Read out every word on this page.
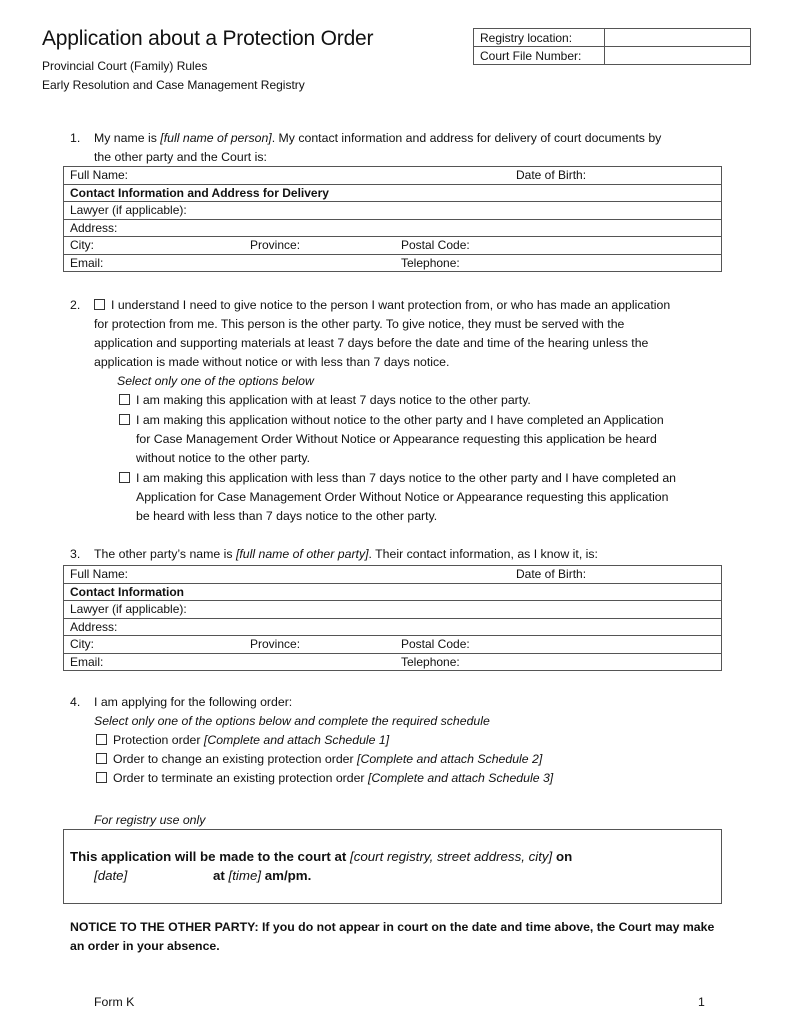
Application about a Protection Order
Provincial Court (Family) Rules
Early Resolution and Case Management Registry
Registry location:	
Court File Number:	
1. My name is [full name of person]. My contact information and address for delivery of court documents by
the other party and the Court is:
Full Name:	Date of Birth:

Contact Information and Address for Delivery
Lawyer (if applicable):
Address:

City:	Province:	Postal Code:

Email:	Telephone:
2.	I understand I need to give notice to the person I want protection from, or who has made an application
for protection from me. This person is the other party. To give notice, they must be served with the
application and supporting materials at least 7 days before the date and time of the hearing unless the
application is made without notice or with less than 7 days notice.
Select only one of the options below
I am making this application with at least 7 days notice to the other party.
I am making this application without notice to the other party and I have completed an Application
for Case Management Order Without Notice or Appearance requesting this application be heard
without notice to the other party.
I am making this application with less than 7 days notice to the other party and I have completed an
Application for Case Management Order Without Notice or Appearance requesting this application
be heard with less than 7 days notice to the other party.
3. The other party’s name is [full name of other party]. Their contact information, as I know it, is:
Full Name:	Date of Birth:

Contact Information
Lawyer (if applicable):
Address:

City:	Province:	Postal Code:

Email:	Telephone:
4. I am applying for the following order:
Select only one of the options below and complete the required schedule
Protection order [Complete and attach Schedule 1]
Order to change an existing protection order [Complete and attach Schedule 2]
Order to terminate an existing protection order [Complete and attach Schedule 3]
For registry use only
This application will be made to the court at [court registry, street address, city] on
[date]	at [time] am/pm.
NOTICE TO THE OTHER PARTY: If you do not appear in court on the date and time above, the Court may make
an order in your absence.
Form K	1
